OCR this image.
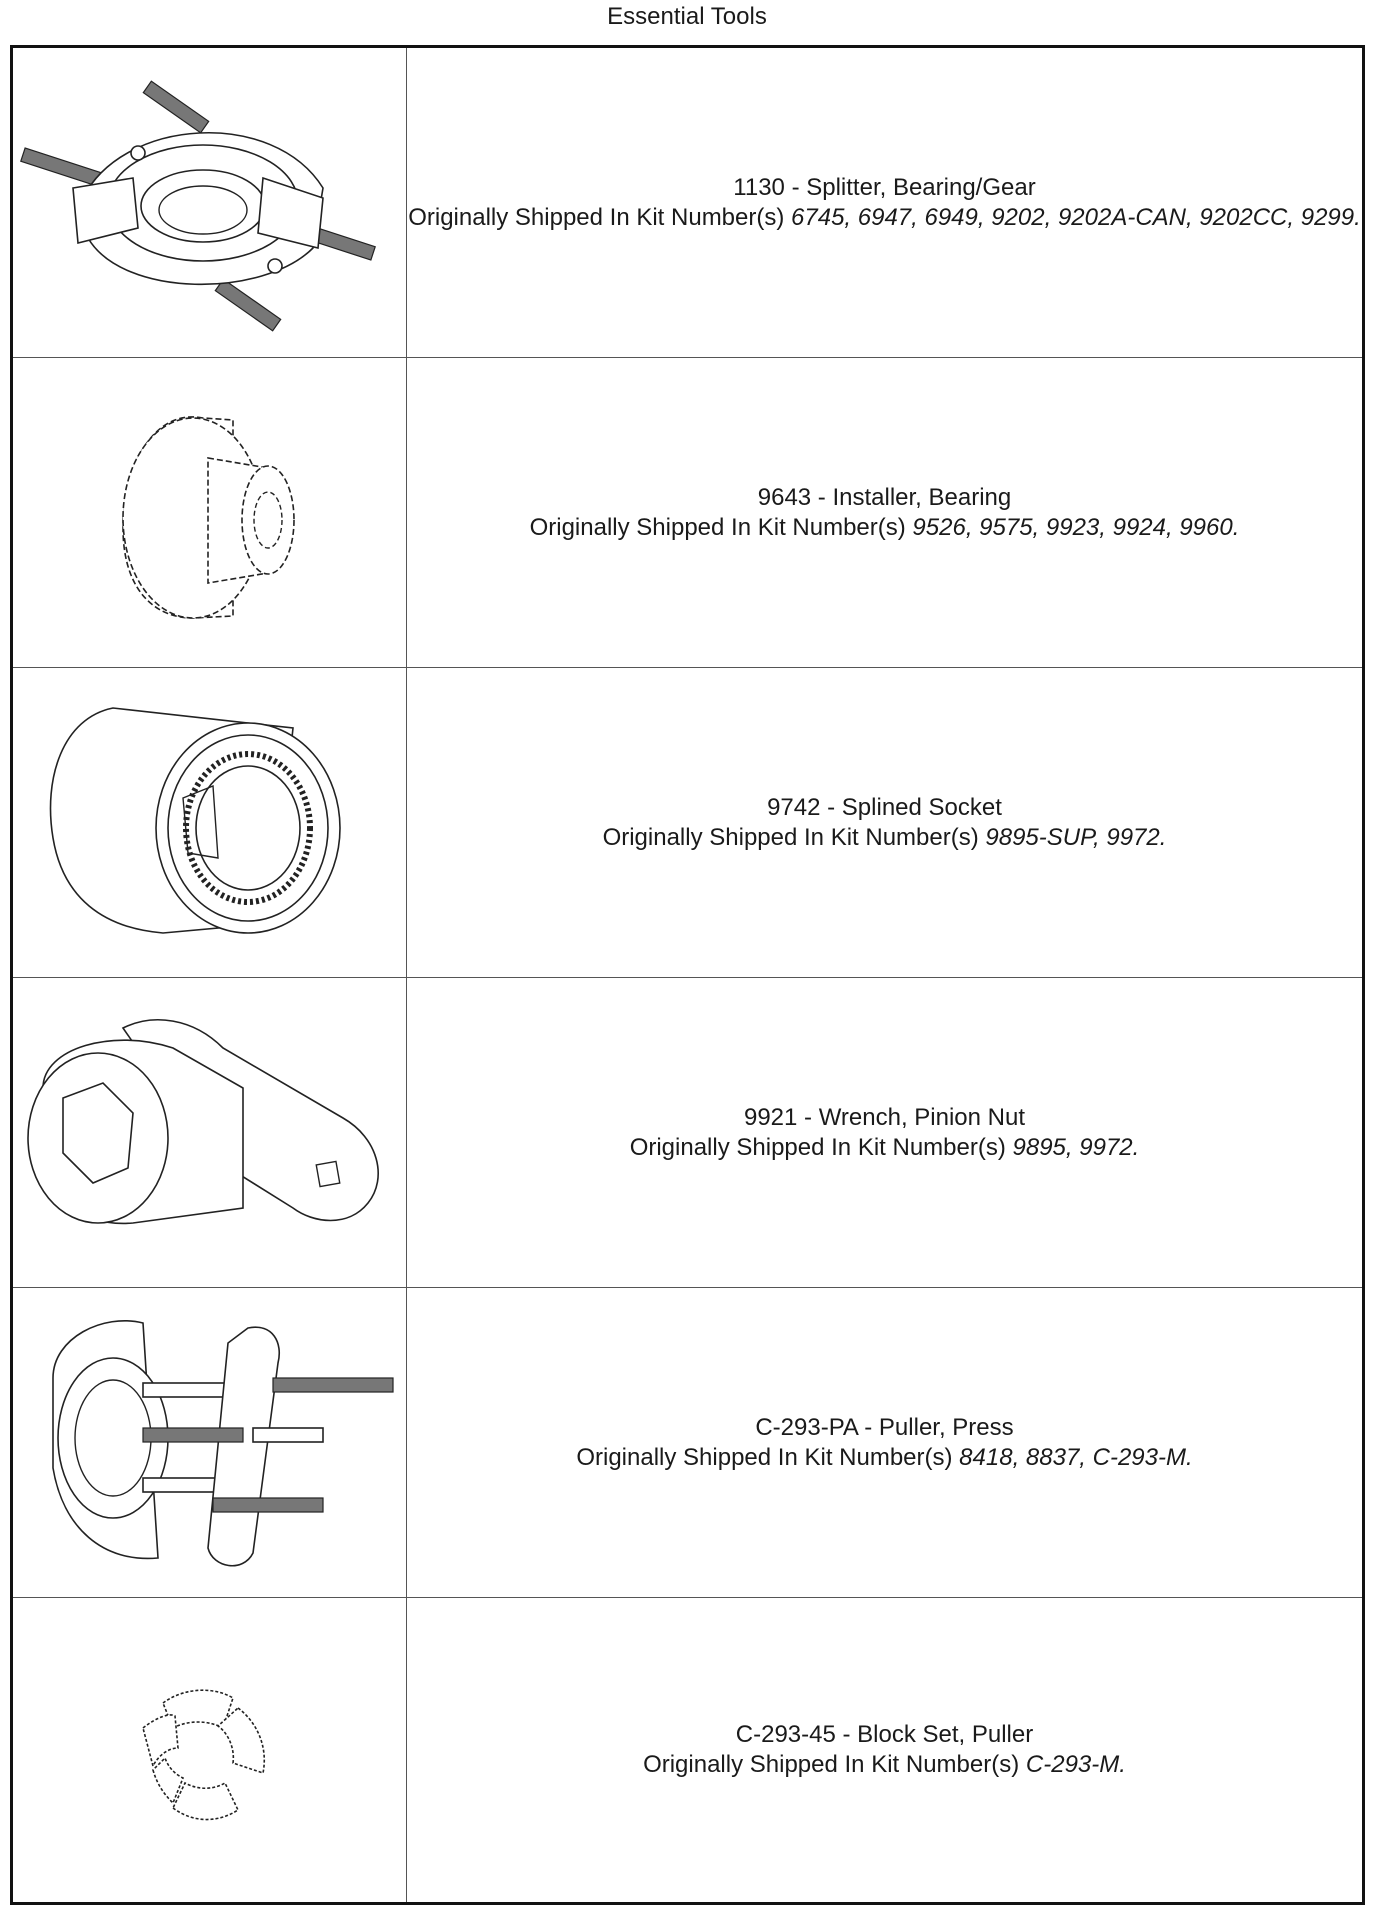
Essential Tools
1130 - Splitter, Bearing/Gear
Originally Shipped In Kit Number(s) 6745, 6947, 6949, 9202, 9202A-CAN, 9202CC, 9299.
9643 - Installer, Bearing
Originally Shipped In Kit Number(s) 9526, 9575, 9923, 9924, 9960.
9742 - Splined Socket
Originally Shipped In Kit Number(s) 9895-SUP, 9972.
9921 - Wrench, Pinion Nut
Originally Shipped In Kit Number(s) 9895, 9972.
C-293-PA - Puller, Press
Originally Shipped In Kit Number(s) 8418, 8837, C-293-M.
C-293-45 - Block Set, Puller
Originally Shipped In Kit Number(s) C-293-M.
